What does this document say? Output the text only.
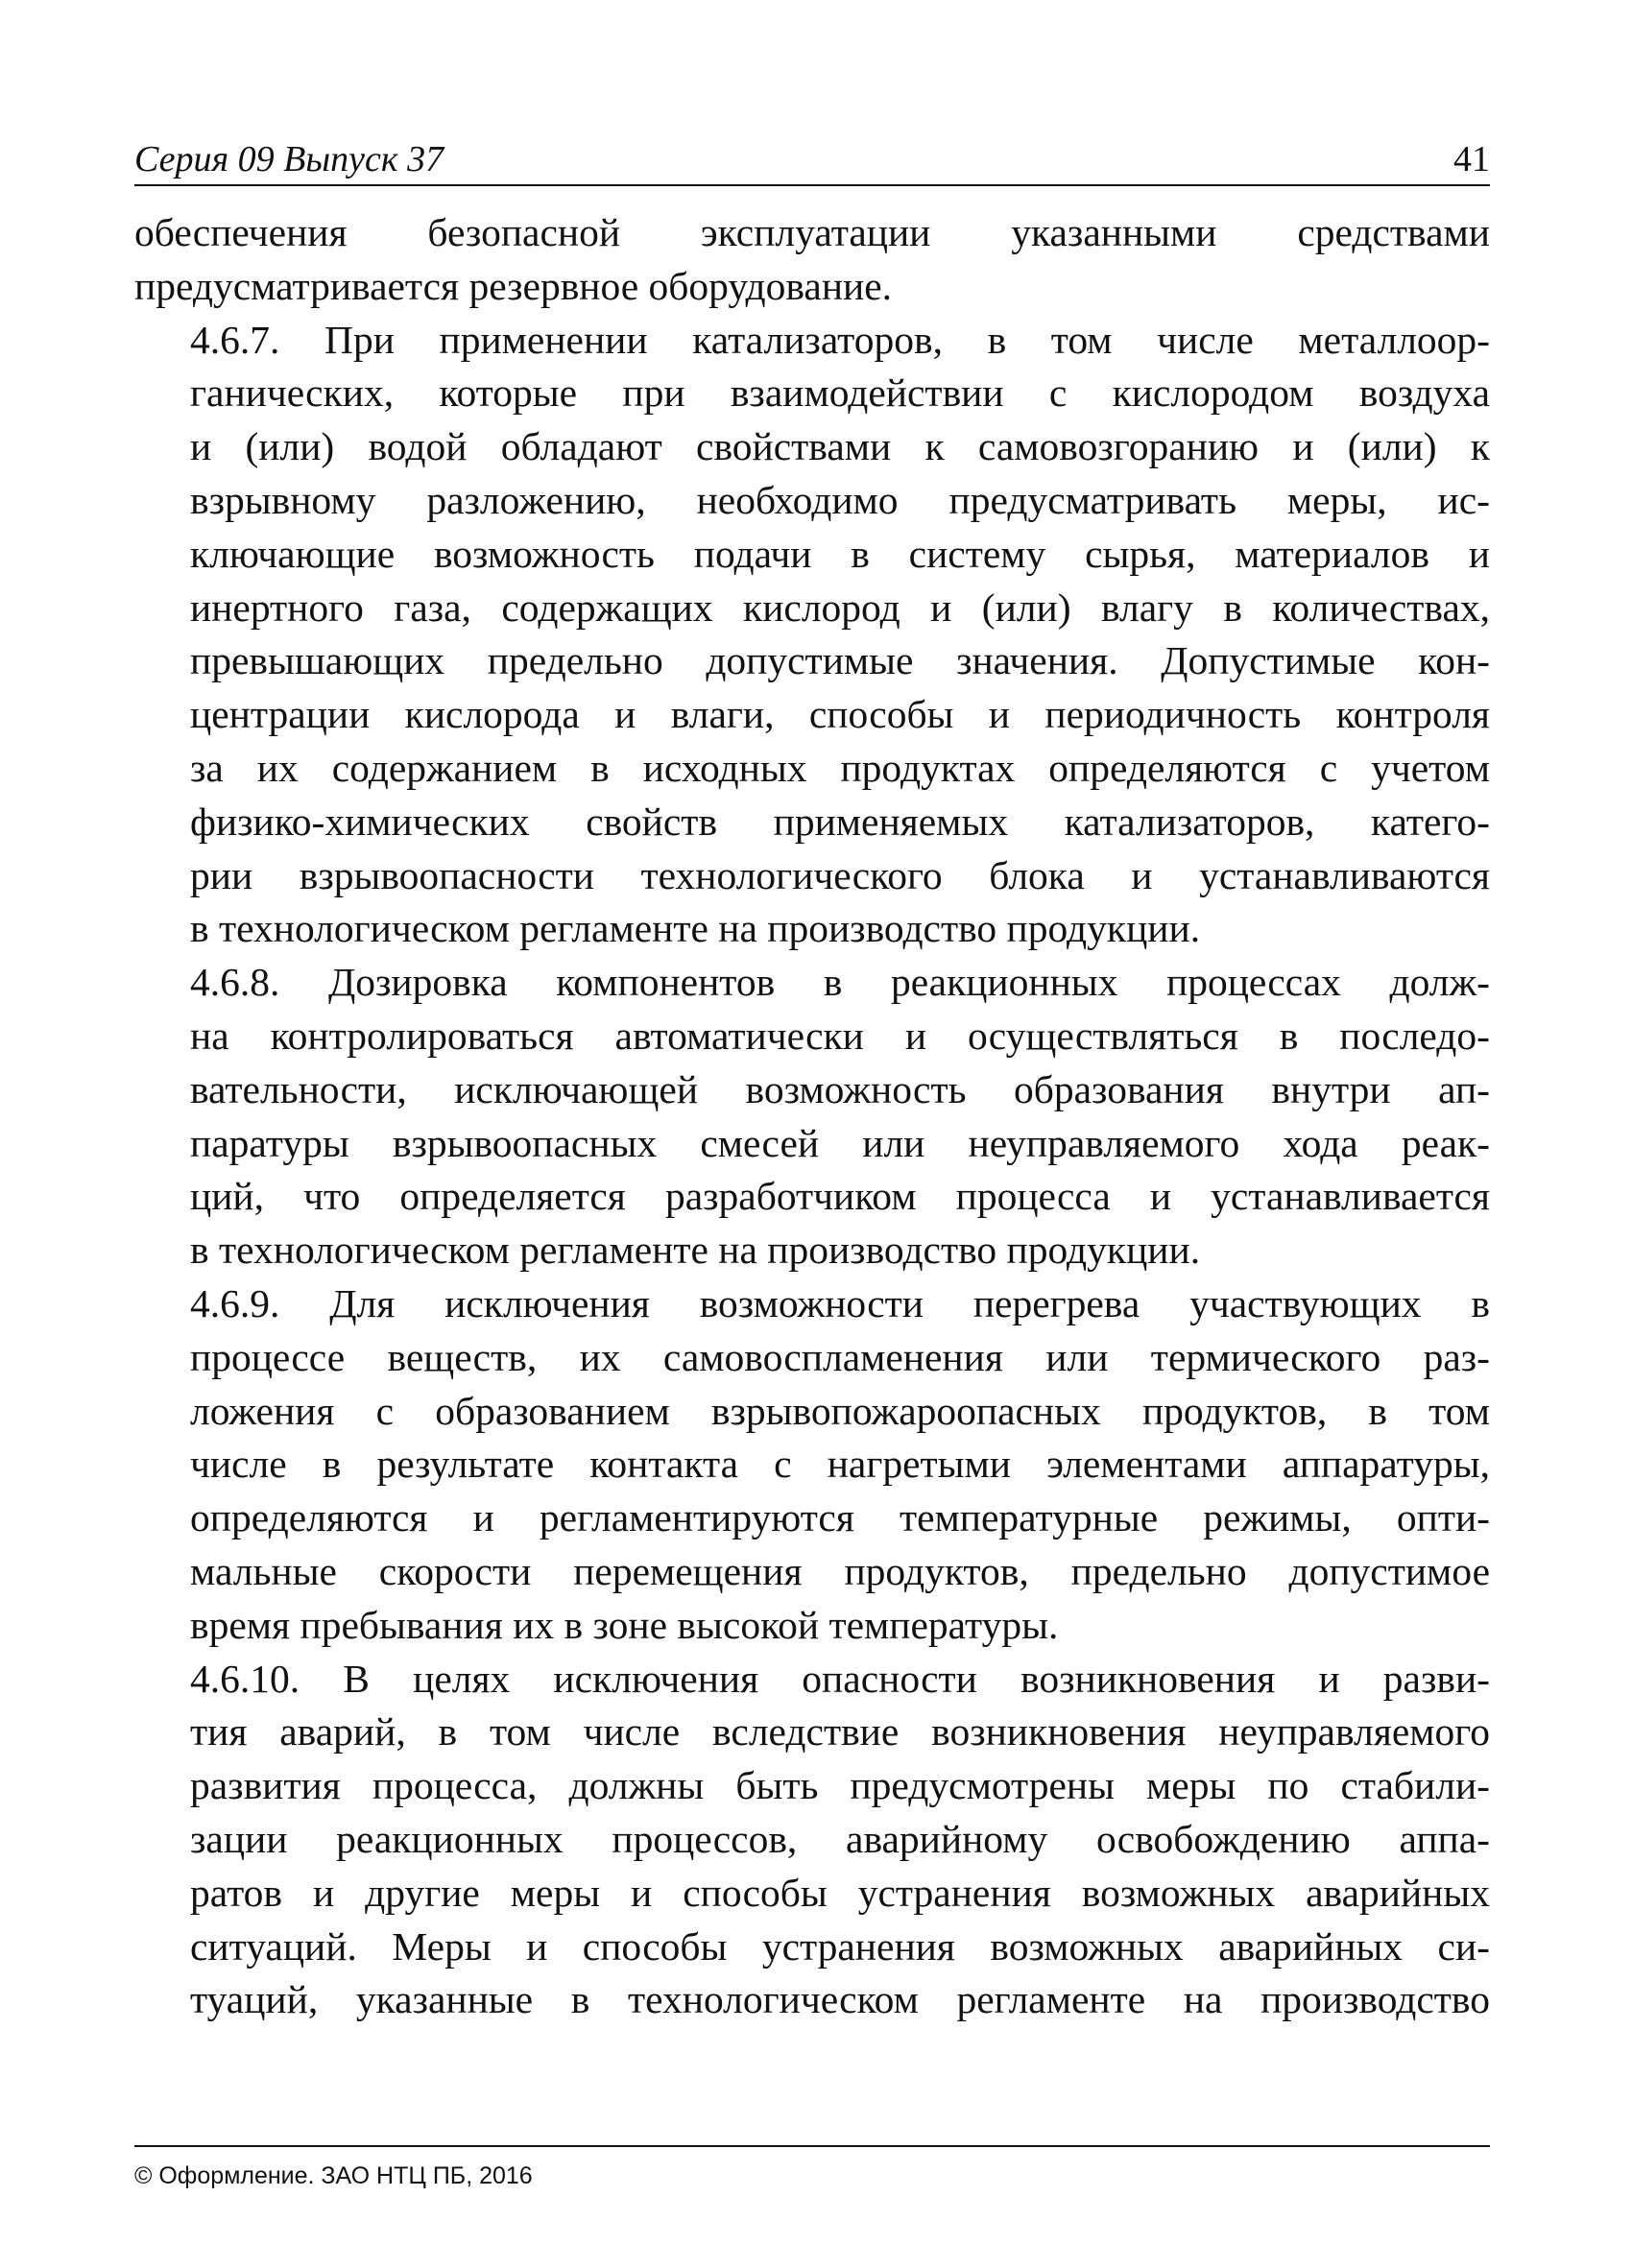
Серия 09 Выпуск 37	41

обеспечения безопасной эксплуатации указанными средствами
предусматривается резервное оборудование.

4.6.7. При применении катализаторов, в том числе металлоор-
ганических, которые при взаимодействии с кислородом воздуха
и (или) водой обладают свойствами к самовозгоранию и (или) к
взрывному разложению, необходимо предусматривать меры, ис-
ключающие возможность подачи в систему сырья, материалов и
инертного газа, содержащих кислород и (или) влагу в количествах,
превышающих предельно допустимые значения. Допустимые кон-
центрации кислорода и влаги, способы и периодичность контроля
за их содержанием в исходных продуктах определяются с учетом
физико-химических свойств применяемых катализаторов, катего-
рии взрывоопасности технологического блока и устанавливаются
в технологическом регламенте на производство продукции.

4.6.8. Дозировка компонентов в реакционных процессах долж-
на контролироваться автоматически и осуществляться в последо-
вательности, исключающей возможность образования внутри ап-
паратуры взрывоопасных смесей или неуправляемого хода реак-
ций, что определяется разработчиком процесса и устанавливается
в технологическом регламенте на производство продукции.

4.6.9. Для исключения возможности перегрева участвующих в
процессе веществ, их самовоспламенения или термического раз-
ложения с образованием взрывопожароопасных продуктов, в том
числе в результате контакта с нагретыми элементами аппаратуры,
определяются и регламентируются температурные режимы, опти-
мальные скорости перемещения продуктов, предельно допустимое
время пребывания их в зоне высокой температуры.

4.6.10. В целях исключения опасности возникновения и разви-
тия аварий, в том числе вследствие возникновения неуправляемого
развития процесса, должны быть предусмотрены меры по стабили-
зации реакционных процессов, аварийному освобождению аппа-
ратов и другие меры и способы устранения возможных аварийных
ситуаций. Меры и способы устранения возможных аварийных си-
туаций, указанные в технологическом регламенте на производство

© Оформление. ЗАО НТЦ ПБ, 2016
